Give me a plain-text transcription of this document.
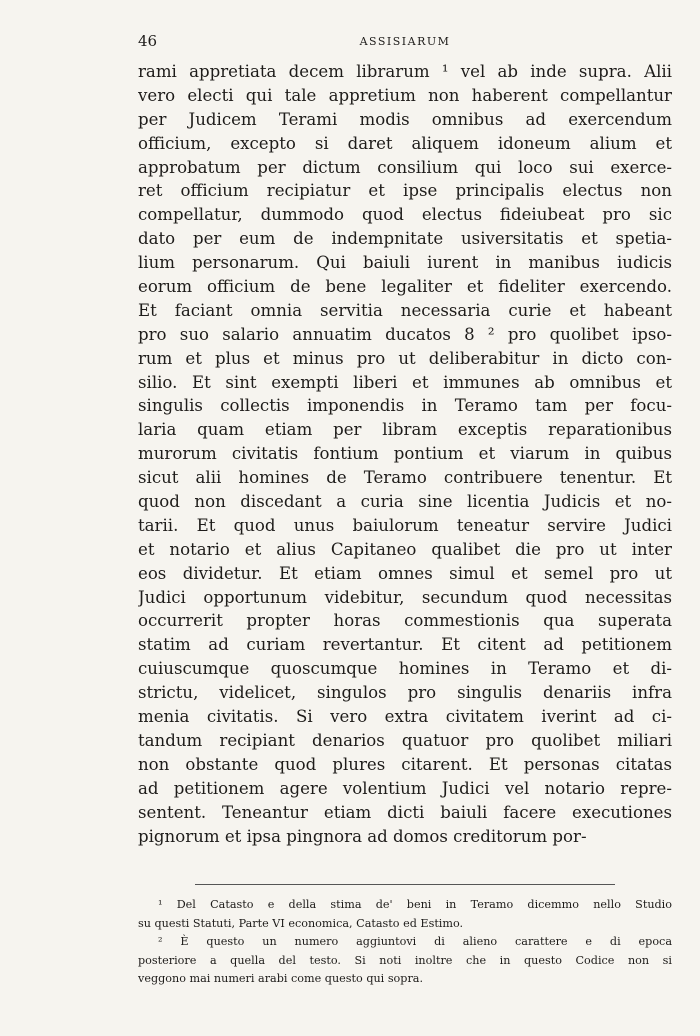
46	ASSISIARUM
rami appretiata decem librarum ¹ vel ab inde supra. Alii
vero electi qui tale appretium non haberent compellantur
per Judicem Terami modis omnibus ad exercendum
officium, excepto si daret aliquem idoneum alium et
approbatum per dictum consilium qui loco sui exerce-
ret officium recipiatur et ipse principalis electus non
compellatur, dummodo quod electus fideiubeat pro sic
dato per eum de indempnitate usiversitatis et spetia-
lium personarum. Qui baiuli iurent in manibus iudicis
eorum officium de bene legaliter et fideliter exercendo.
Et faciant omnia servitia necessaria curie et habeant
pro suo salario annuatim ducatos 8 ² pro quolibet ipso-
rum et plus et minus pro ut deliberabitur in dicto con-
silio. Et sint exempti liberi et immunes ab omnibus et
singulis collectis imponendis in Teramo tam per focu-
laria quam etiam per libram exceptis reparationibus
murorum civitatis fontium pontium et viarum in quibus
sicut alii homines de Teramo contribuere tenentur. Et
quod non discedant a curia sine licentia Judicis et no-
tarii. Et quod unus baiulorum teneatur servire Judici
et notario et alius Capitaneo qualibet die pro ut inter
eos dividetur. Et etiam omnes simul et semel pro ut
Judici opportunum videbitur, secundum quod necessitas
occurrerit propter horas commestionis qua superata
statim ad curiam revertantur. Et citent ad petitionem
cuiuscumque quoscumque homines in Teramo et di-
strictu, videlicet, singulos pro singulis denariis infra
menia civitatis. Si vero extra civitatem iverint ad ci-
tandum recipiant denarios quatuor pro quolibet miliari
non obstante quod plures citarent. Et personas citatas
ad petitionem agere volentium Judici vel notario repre-
sentent. Teneantur etiam dicti baiuli facere executiones
pignorum et ipsa pingnora ad domos creditorum por-
¹ Del Catasto e della stima de' beni in Teramo dicemmo nello Studio
su questi Statuti, Parte VI economica, Catasto ed Estimo.
² È questo un numero aggiuntovi di alieno carattere e di epoca
posteriore a quella del testo. Si noti inoltre che in questo Codice non si
veggono mai numeri arabi come questo qui sopra.
